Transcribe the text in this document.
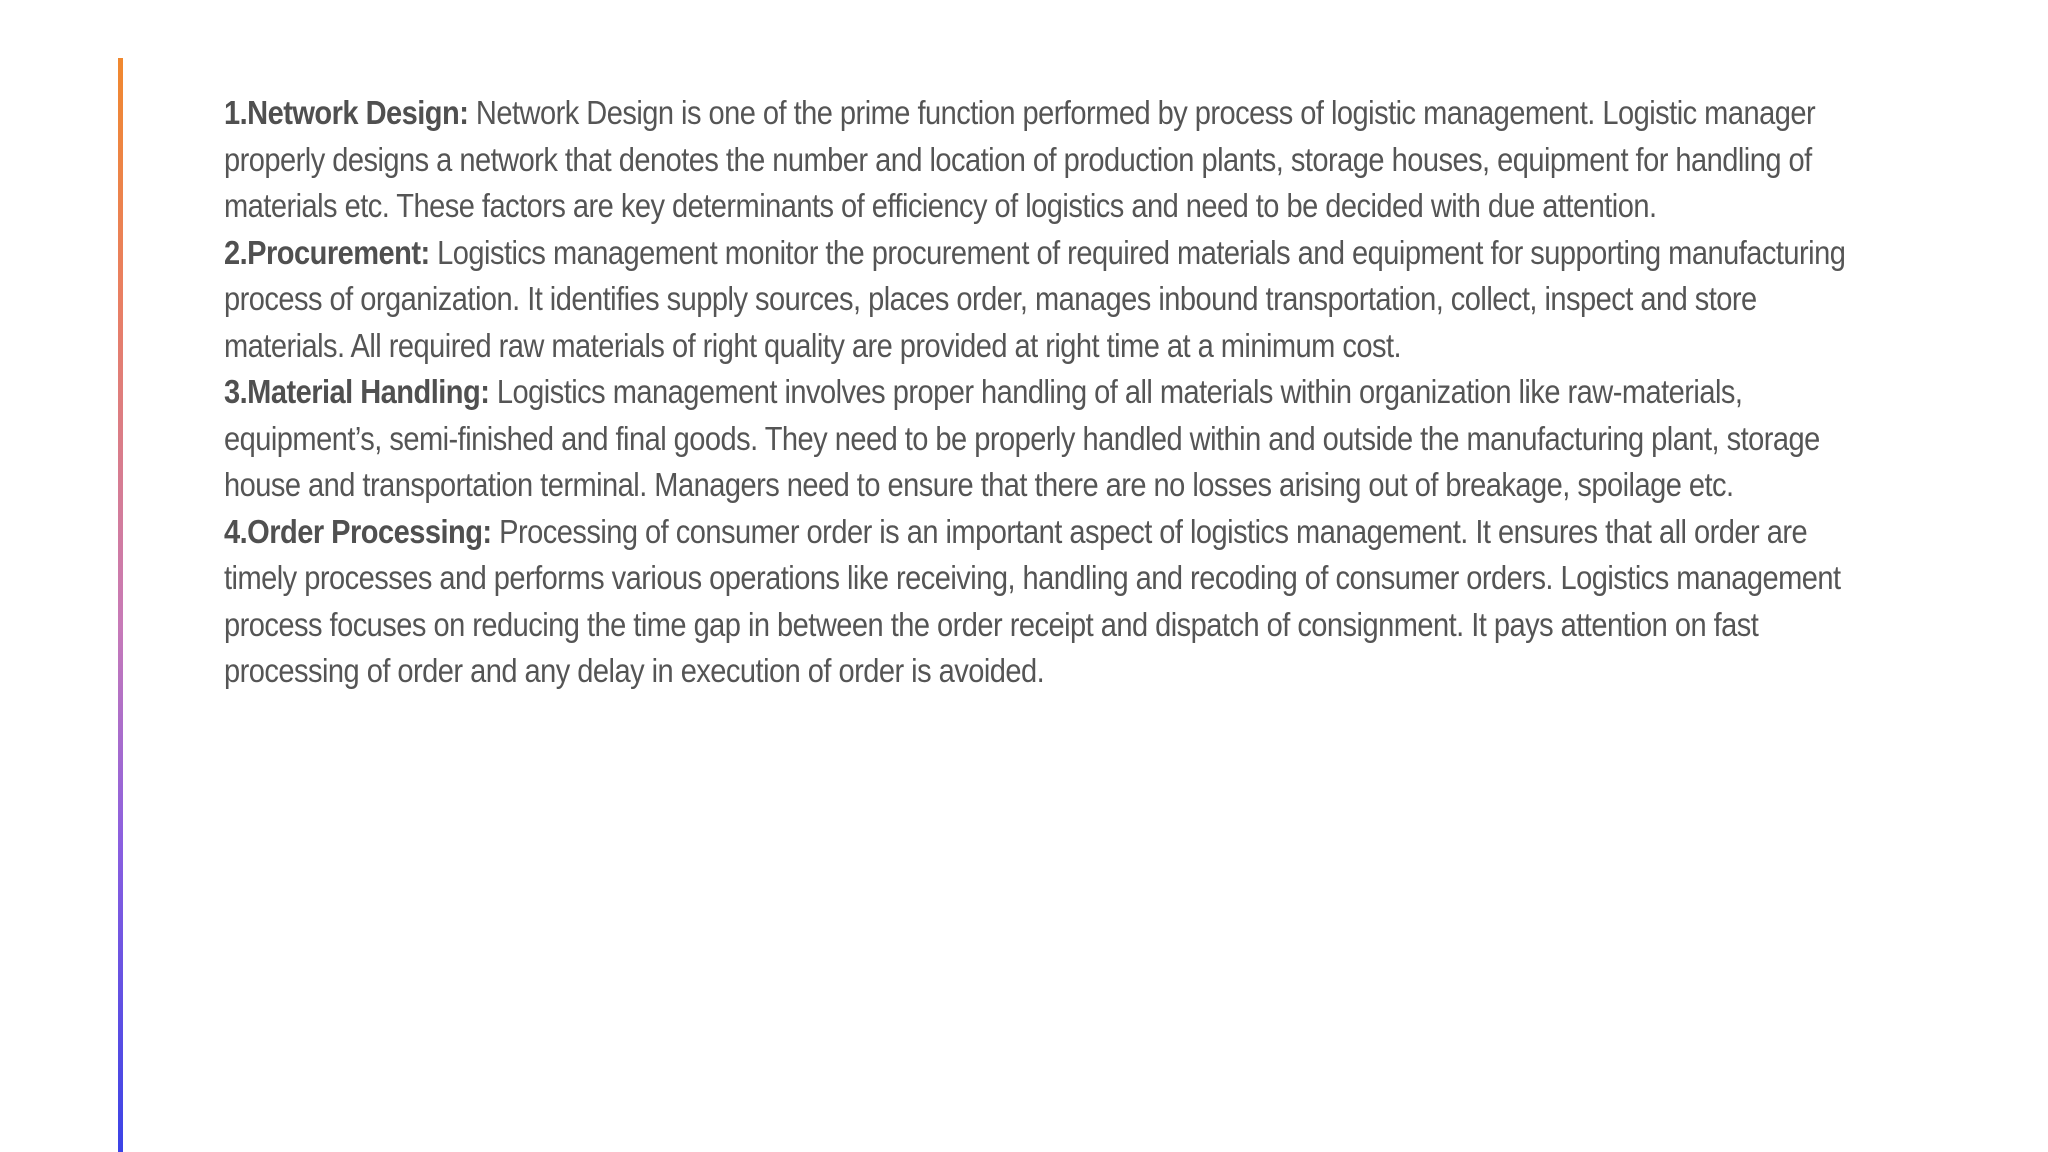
1.Network Design: Network Design is one of the prime function performed by process of logistic management. Logistic manager properly designs a network that denotes the number and location of production plants, storage houses, equipment for handling of materials etc. These factors are key determinants of efficiency of logistics and need to be decided with due attention.

2.Procurement: Logistics management monitor the procurement of required materials and equipment for supporting manufacturing process of organization. It identifies supply sources, places order, manages inbound transportation, collect, inspect and store materials. All required raw materials of right quality are provided at right time at a minimum cost.

3.Material Handling: Logistics management involves proper handling of all materials within organization like raw-materials, equipment’s, semi-finished and final goods. They need to be properly handled within and outside the manufacturing plant, storage house and transportation terminal. Managers need to ensure that there are no losses arising out of breakage, spoilage etc.

4.Order Processing: Processing of consumer order is an important aspect of logistics management. It ensures that all order are timely processes and performs various operations like receiving, handling and recoding of consumer orders. Logistics management process focuses on reducing the time gap in between the order receipt and dispatch of consignment. It pays attention on fast processing of order and any delay in execution of order is avoided.
